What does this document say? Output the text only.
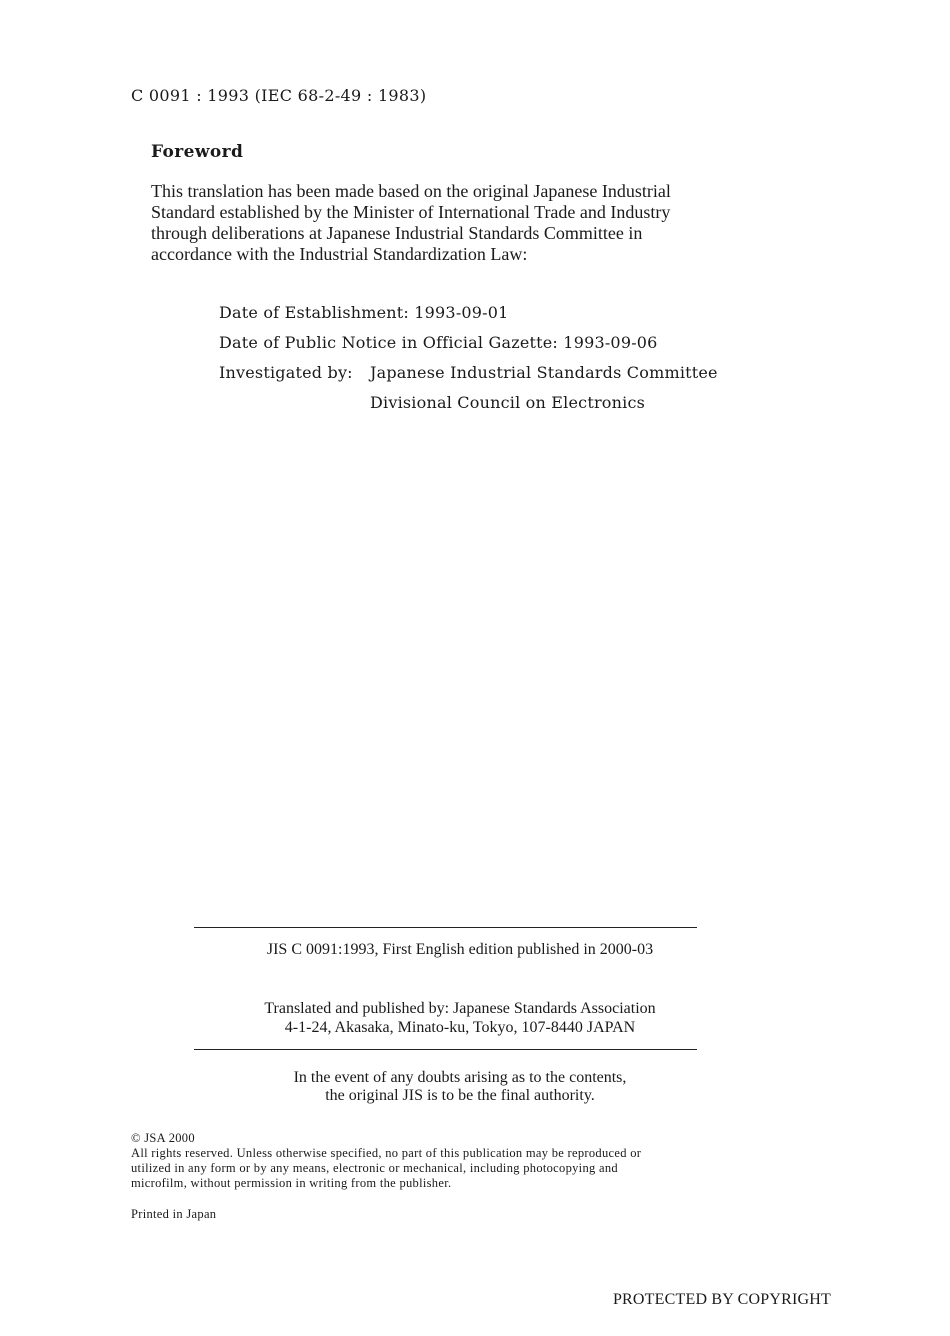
C 0091 : 1993 (IEC 68-2-49 : 1983)
Foreword
This translation has been made based on the original Japanese Industrial
Standard established by the Minister of International Trade and Industry
through deliberations at Japanese Industrial Standards Committee in
accordance with the Industrial Standardization Law:
Date of Establishment: 1993-09-01
Date of Public Notice in Official Gazette: 1993-09-06
Investigated by: Japanese Industrial Standards Committee
Divisional Council on Electronics
JIS C 0091:1993, First English edition published in 2000-03
Translated and published by: Japanese Standards Association
4-1-24, Akasaka, Minato-ku, Tokyo, 107-8440 JAPAN
In the event of any doubts arising as to the contents,
the original JIS is to be the final authority.
© JSA 2000
All rights reserved. Unless otherwise specified, no part of this publication may be reproduced or
utilized in any form or by any means, electronic or mechanical, including photocopying and
microfilm, without permission in writing from the publisher.
Printed in Japan
PROTECTED BY COPYRIGHT
